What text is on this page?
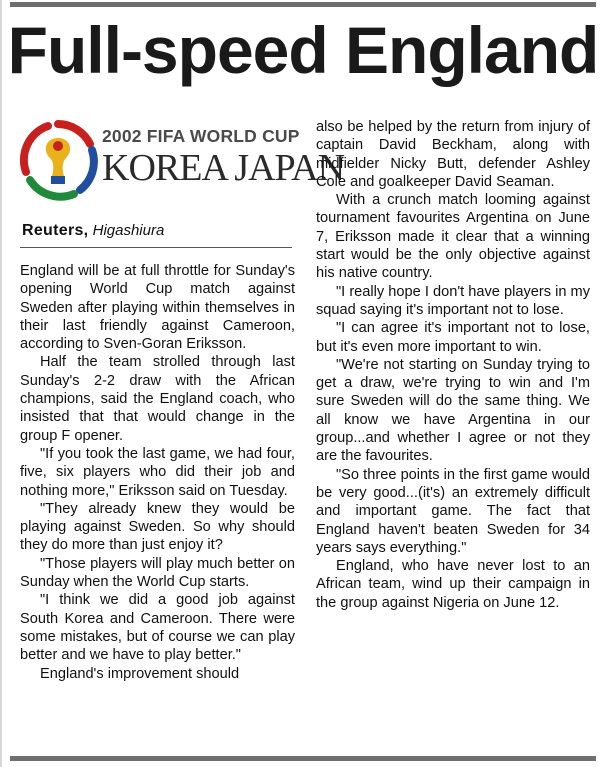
Full-speed England
2002 FIFA WORLD CUP
KOREA JAPAN
Reuters, Higashiura

England will be at full throttle for Sunday's opening World Cup match against Sweden after playing within themselves in their last friendly against Cameroon, according to Sven-Goran Eriksson.

Half the team strolled through last Sunday's 2-2 draw with the African champions, said the England coach, who insisted that that would change in the group F opener.

"If you took the last game, we had four, five, six players who did their job and nothing more," Eriksson said on Tuesday.

"They already knew they would be playing against Sweden. So why should they do more than just enjoy it?

"Those players will play much better on Sunday when the World Cup starts.

"I think we did a good job against South Korea and Cameroon. There were some mistakes, but of course we can play better and we have to play better."

England's improvement should

also be helped by the return from injury of captain David Beckham, along with midfielder Nicky Butt, defender Ashley Cole and goalkeeper David Seaman.

With a crunch match looming against tournament favourites Argentina on June 7, Eriksson made it clear that a winning start would be the only objective against his native country.

"I really hope I don't have players in my squad saying it's important not to lose.

"I can agree it's important not to lose, but it's even more important to win.

"We're not starting on Sunday trying to get a draw, we're trying to win and I'm sure Sweden will do the same thing. We all know we have Argentina in our group...and whether I agree or not they are the favourites.

"So three points in the first game would be very good...(it's) an extremely difficult and important game. The fact that England haven't beaten Sweden for 34 years says everything."

England, who have never lost to an African team, wind up their campaign in the group against Nigeria on June 12.
